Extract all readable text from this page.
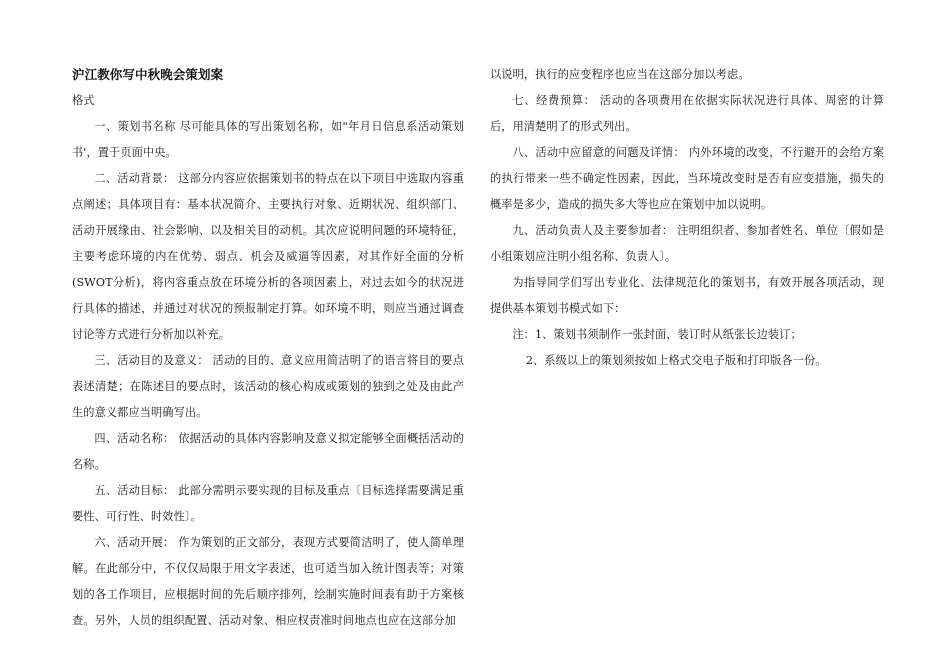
沪江教你写中秋晚会策划案

格式

一、策划书名称 尽可能具体的写出策划名称，如"年月日信息系活动策划书'，置于页面中央。

二、活动背景： 这部分内容应依据策划书的特点在以下项目中选取内容重点阐述；具体项目有：基本状况简介、主要执行对象、近期状况、组织部门、活动开展缘由、社会影响、以及相关目的动机。其次应说明问题的环境特征，主要考虑环境的内在优势、弱点、机会及威逼等因素，对其作好全面的分析(SWOT分析)，将内容重点放在环境分析的各项因素上，对过去如今的状况进行具体的描述，并通过对状况的预报制定打算。如环境不明，则应当通过调查讨论等方式进行分析加以补充。

三、活动目的及意义： 活动的目的、意义应用简洁明了的语言将目的要点表述清楚；在陈述目的要点时，该活动的核心构成或策划的独到之处及由此产生的意义都应当明确写出。

四、活动名称： 依据活动的具体内容影响及意义拟定能够全面概括活动的名称。

五、活动目标： 此部分需明示要实现的目标及重点〔目标选择需要满足重要性、可行性、时效性〕。

六、活动开展： 作为策划的正文部分，表现方式要简洁明了，使人简单理解。在此部分中，不仅仅局限于用文字表述，也可适当加入统计图表等；对策划的各工作项目，应根据时间的先后顺序排列，绘制实施时间表有助于方案核查。另外，人员的组织配置、活动对象、相应权责准时间地点也应在这部分加

以说明，执行的应变程序也应当在这部分加以考虑。

七、经费预算： 活动的各项费用在依据实际状况进行具体、周密的计算后，用清楚明了的形式列出。

八、活动中应留意的问题及详情： 内外环境的改变，不行避开的会给方案的执行带来一些不确定性因素，因此，当环境改变时是否有应变措施，损失的概率是多少，造成的损失多大等也应在策划中加以说明。

九、活动负责人及主要参加者： 注明组织者、参加者姓名、单位〔假如是小组策划应注明小组名称、负责人〕。

为指导同学们写出专业化、法律规范化的策划书，有效开展各项活动，现提供基本策划书模式如下：

注：1、策划书须制作一张封面，装订时从纸张长边装订；

2、系级以上的策划须按如上格式交电子版和打印版各一份。
